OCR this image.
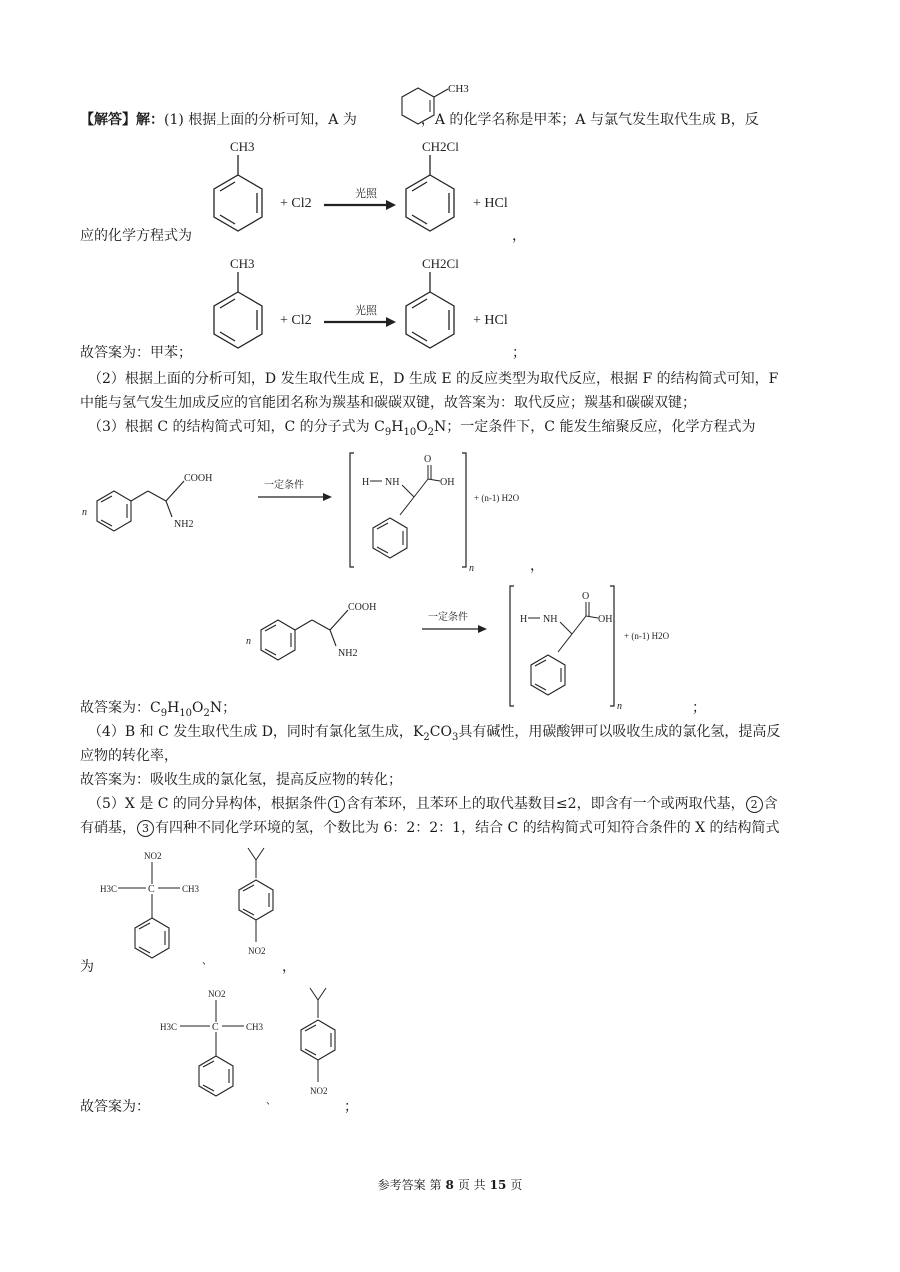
【解答】解：(1) 根据上面的分析可知，A 为	，A 的化学名称是甲苯；A 与氯气发生取代生成 B，反
CH3
应的化学方程式为
CH3
+ Cl2
光照
CH2Cl
+ HCl
，
CH3
+ Cl2
光照
CH2Cl
+ HCl
故答案为：甲苯；	；
（2）根据上面的分析可知，D 发生取代生成 E，D 生成 E 的反应类型为取代反应，根据 F 的结构简式可知，F
中能与氢气发生加成反应的官能团名称为羰基和碳碳双键，故答案为：取代反应；羰基和碳碳双键；
（3）根据 C 的结构简式可知，C 的分子式为 $C_9H_{10}O_2N$；一定条件下，C 能发生缩聚反应，化学方程式为
n
COOH
NH2
一定条件	H NH
O
OH
n
+ (n-1) H2O
，
n
COOH
NH2
一定条件	H NH
O
OH
n
+ (n-1) H2O
故答案为：$C_9H_{10}O_2N$；	；
（4）B 和 C 发生取代生成 D，同时有氯化氢生成，$K_2CO_3$具有碱性，用碳酸钾可以吸收生成的氯化氢，提高反
应物的转化率，
故答案为：吸收生成的氯化氢，提高反应物的转化；
（5）X 是 C 的同分异构体，根据条件 1 含有苯环，且苯环上的取代基数目≤2，即含有一个或两取代基， 2 含
有硝基， 3 有四种不同化学环境的氢，个数比为 6：2：2：1，结合 C 的结构简式可知符合条件的 X 的结构简式
NO2
C
H3C	CH3
NO2
为	、	，
NO2
C
H3C	CH3
NO2
故答案为：	、	；
参考答案 第 8 页 共 15 页
